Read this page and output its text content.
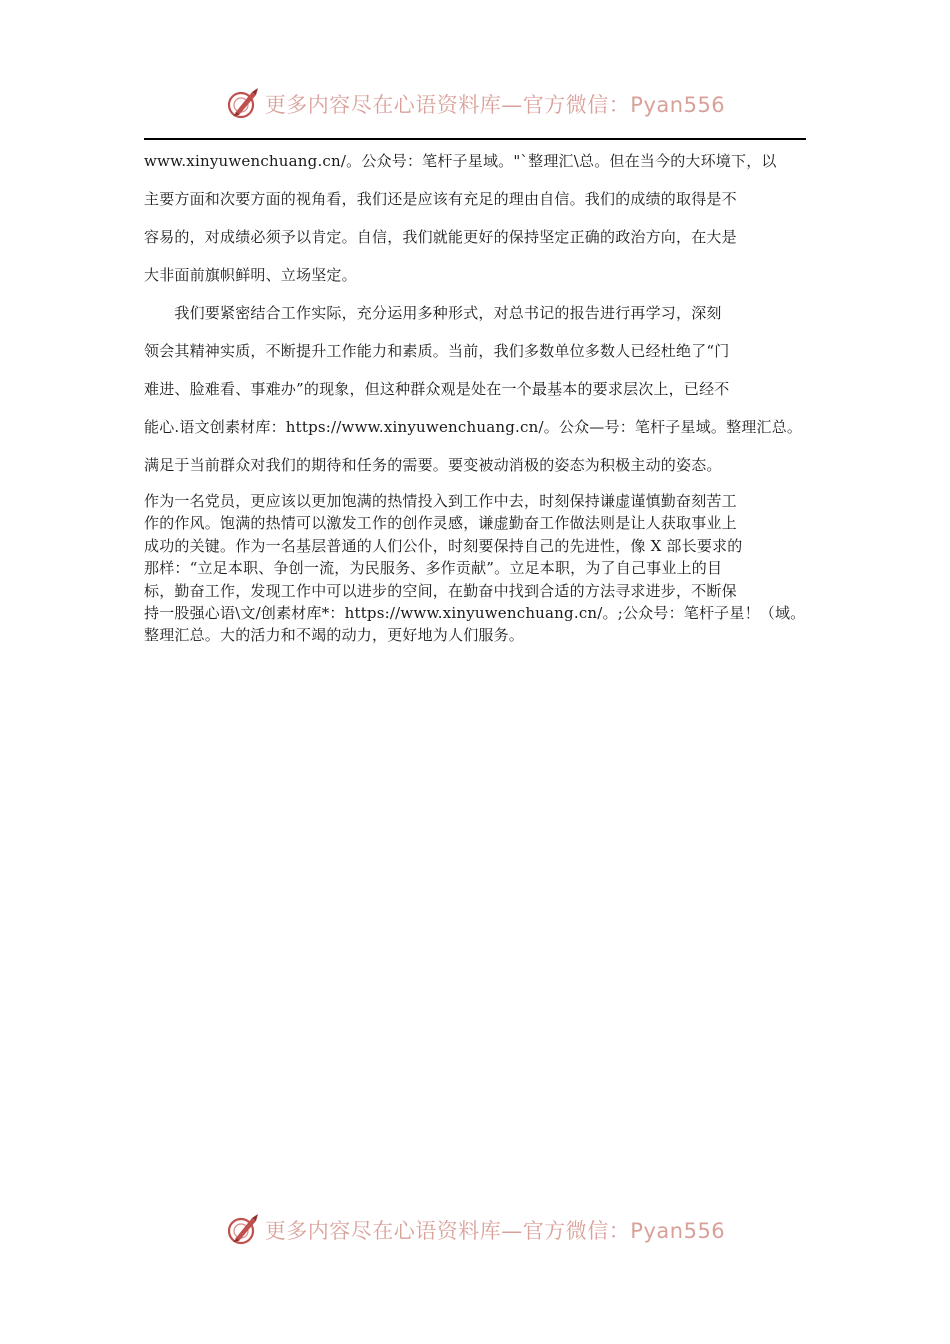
更多内容尽在心语资料库—官方微信：Pyan556

www.xinyuwenchuang.cn/。公众号：笔杆子星域。"`整理汇\总。但在当今的大环境下，以
主要方面和次要方面的视角看，我们还是应该有充足的理由自信。我们的成绩的取得是不
容易的，对成绩必须予以肯定。自信，我们就能更好的保持坚定正确的政治方向，在大是
大非面前旗帜鲜明、立场坚定。

　　我们要紧密结合工作实际，充分运用多种形式，对总书记的报告进行再学习，深刻
领会其精神实质，不断提升工作能力和素质。当前，我们多数单位多数人已经杜绝了“门
难进、脸难看、事难办”的现象，但这种群众观是处在一个最基本的要求层次上，已经不
能心.语文创素材库：https://www.xinyuwenchuang.cn/。公众—号：笔杆子星域。整理汇总。

满足于当前群众对我们的期待和任务的需要。要变被动消极的姿态为积极主动的姿态。

作为一名党员，更应该以更加饱满的热情投入到工作中去，时刻保持谦虚谨慎勤奋刻苦工
作的作风。饱满的热情可以激发工作的创作灵感，谦虚勤奋工作做法则是让人获取事业上
成功的关键。作为一名基层普通的人们公仆，时刻要保持自己的先进性，像 X 部长要求的
那样：“立足本职、争创一流，为民服务、多作贡献”。立足本职，为了自己事业上的目
标，勤奋工作，发现工作中可以进步的空间，在勤奋中找到合适的方法寻求进步，不断保
持一股强心语\文/创素材库*：https://www.xinyuwenchuang.cn/。;公众号：笔杆子星！（域。
整理汇总。大的活力和不竭的动力，更好地为人们服务。

更多内容尽在心语资料库—官方微信：Pyan556
